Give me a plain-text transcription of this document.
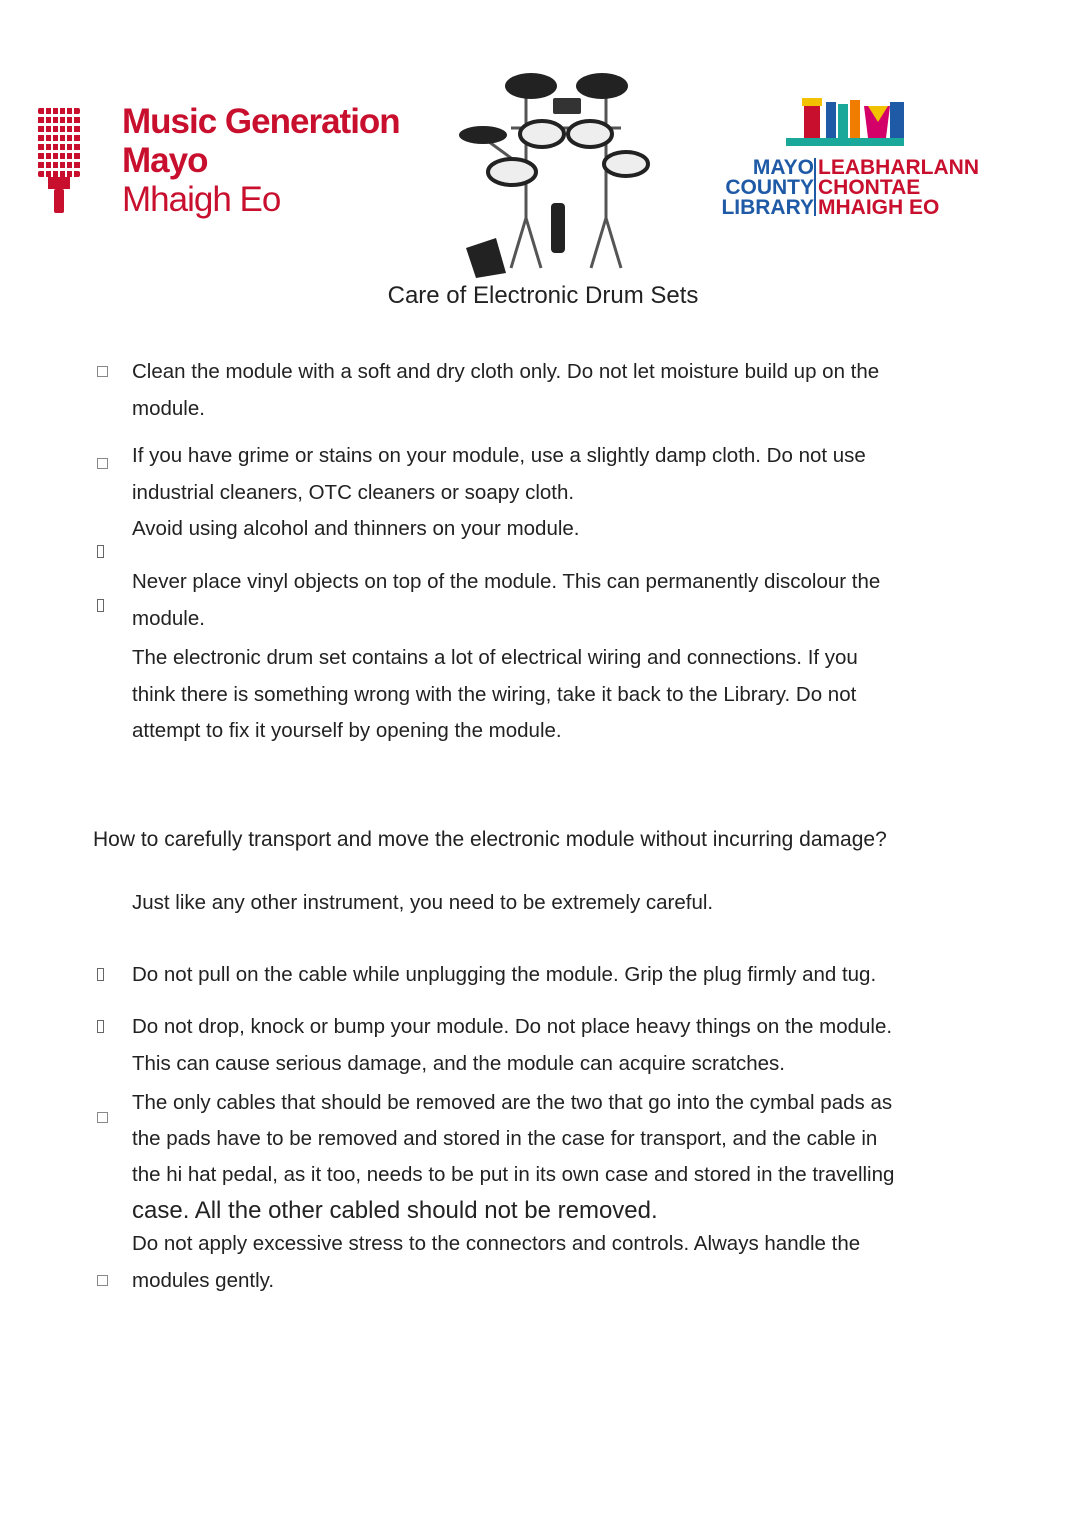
Music Generation
Mayo
Mhaigh Eo
MAYO
COUNTY
LIBRARY
LEABHARLANN
CHONTAE
MHAIGH EO
Care of Electronic Drum Sets
Clean the module with a soft and dry cloth only. Do not let moisture build up on the
module.
If you have grime or stains on your module, use a slightly damp cloth. Do not use
industrial cleaners, OTC cleaners or soapy cloth.
Avoid using alcohol and thinners on your module.
Never place vinyl objects on top of the module. This can permanently discolour the
module.
The electronic drum set contains a lot of electrical wiring and connections. If you
think there is something wrong with the wiring, take it back to the Library. Do not
attempt to fix it yourself by opening the module.
How to carefully transport and move the electronic module without incurring damage?
Just like any other instrument, you need to be extremely careful.
Do not pull on the cable while unplugging the module. Grip the plug firmly and tug.
Do not drop, knock or bump your module. Do not place heavy things on the module.
This can cause serious damage, and the module can acquire scratches.
The only cables that should be removed are the two that go into the cymbal pads as
the pads have to be removed and stored in the case for transport, and the cable in
the hi hat pedal, as it too, needs to be put in its own case and stored in the travelling
case. All the other cabled should not be removed.
Do not apply excessive stress to the connectors and controls. Always handle the
modules gently.
